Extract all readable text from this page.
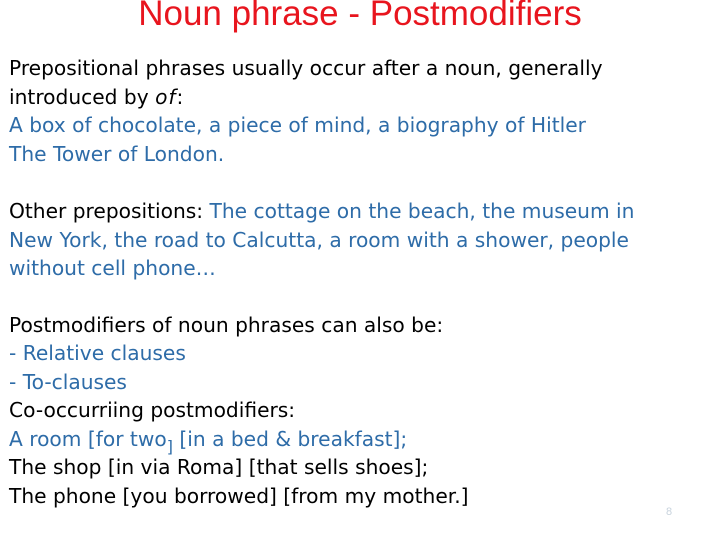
Noun phrase - Postmodifiers
Prepositional phrases usually occur after a noun, generally
introduced by of:
A box of chocolate, a piece of mind, a biography of Hitler
The Tower of London.
Other prepositions: The cottage on the beach, the museum in
New York, the road to Calcutta, a room with a shower, people
without cell phone…
Postmodifiers of noun phrases can also be:
- Relative clauses
- To-clauses
Co-occurriing postmodifiers:
A room [for two$_]$ [in a bed & breakfast];
The shop [in via Roma] [that sells shoes];
The phone [you borrowed] [from my mother.]
8
